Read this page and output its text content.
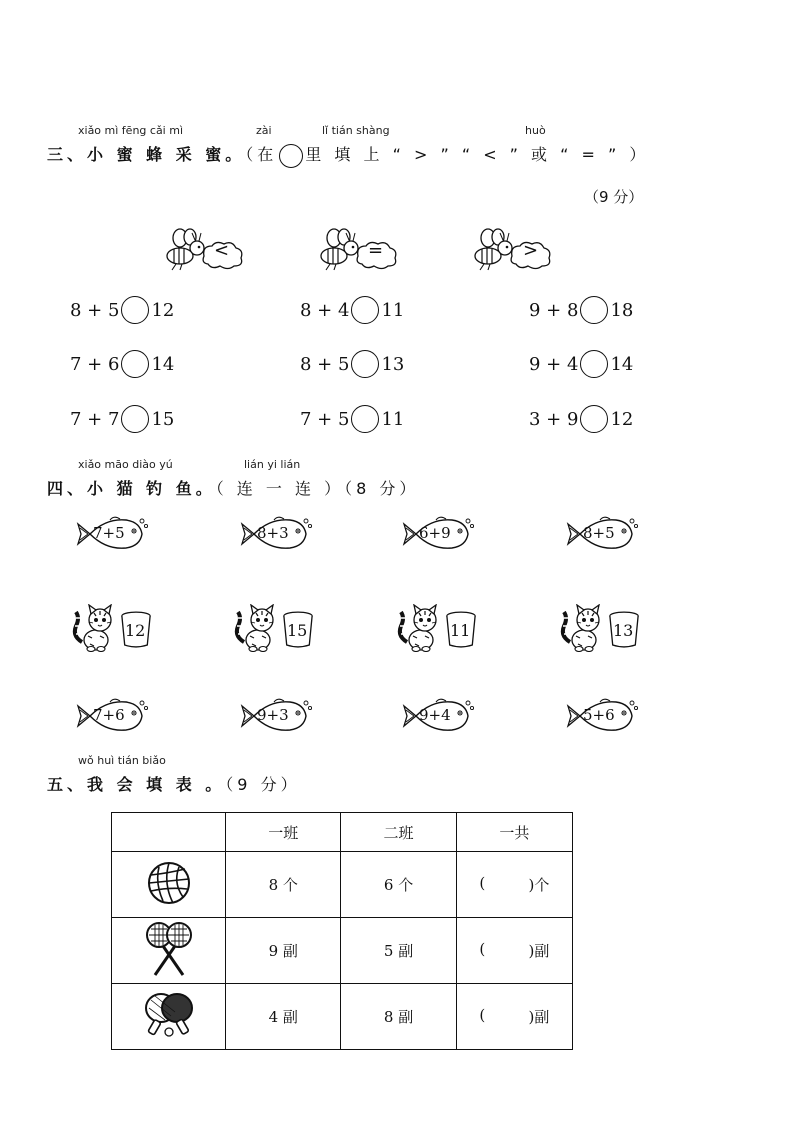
xiǎo mì fēng cǎi mì	zài	lǐ tián shàng	huò
三、小 蜜 蜂 采 蜜。（在 里 填 上 “ > ” “ < ” 或 “ = ” ）
（9 分）
<	=	>
8 + 5 12	8 + 4 11	9 + 8 18
7 + 6 14	8 + 5 13	9 + 4 14
7 + 7 15	7 + 5 11	3 + 9 12
xiǎo māo diào yú	lián yi lián
四、小 猫 钓 鱼。（ 连 一 连 ）（8 分）
7+5	8+3	6+9	8+5
12	15	11	13
7+6	9+3	9+4	5+6
wǒ huì tián biǎo
五、我 会 填 表 。（9 分）
	一班	二班	一共
	8 个	6 个	( )个

	9 副	5 副	( )副

	4 副	8 副	( )副
